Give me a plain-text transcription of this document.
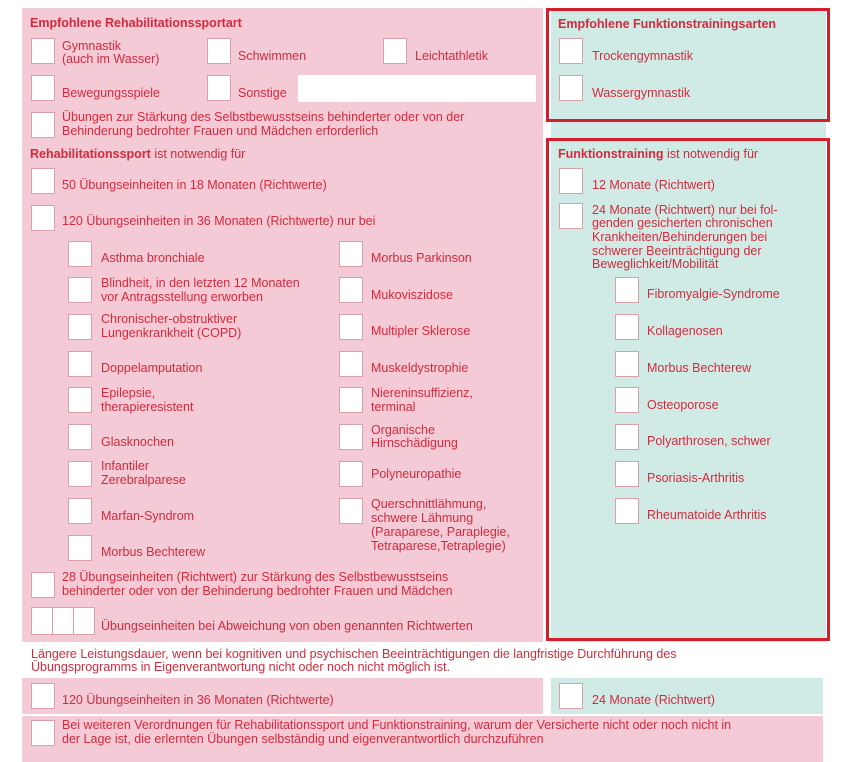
Empfohlene Rehabilitationssportart
Gymnastik
(auch im Wasser)	Schwimmen	Leichtathletik
Bewegungsspiele	Sonstige
Übungen zur Stärkung des Selbstbewusstseins behinderter oder von der
Behinderung bedrohter Frauen und Mädchen erforderlich
Empfohlene Funktionstrainingsarten
Trockengymnastik
Wassergymnastik
Rehabilitationssport ist notwendig für
50 Übungseinheiten in 18 Monaten (Richtwerte)
120 Übungseinheiten in 36 Monaten (Richtwerte) nur bei
Asthma bronchiale
Blindheit, in den letzten 12 Monaten
vor Antragsstellung erworben
Chronischer-obstruktiver
Lungenkrankheit (COPD)
Doppelamputation
Epilepsie,
therapieresistent
Glasknochen
Infantiler
Zerebralparese
Marfan-Syndrom
Morbus Bechterew
Morbus Parkinson
Mukoviszidose
Multipler Sklerose
Muskeldystrophie
Niereninsuffizienz,
terminal
Organische
Hirnschädigung
Polyneuropathie
Querschnittlähmung,
schwere Lähmung
(Paraparese, Paraplegie,
Tetraparese,Tetraplegie)
28 Übungseinheiten (Richtwert) zur Stärkung des Selbstbewusstseins
behinderter oder von der Behinderung bedrohter Frauen und Mädchen
Übungseinheiten bei Abweichung von oben genannten Richtwerten
Funktionstraining ist notwendig für
12 Monate (Richtwert)
24 Monate (Richtwert) nur bei fol-
genden gesicherten chronischen
Krankheiten/Behinderungen bei
schwerer Beeinträchtigung der
Beweglichkeit/Mobilität
Fibromyalgie-Syndrome
Kollagenosen
Morbus Bechterew
Osteoporose
Polyarthrosen, schwer
Psoriasis-Arthritis
Rheumatoide Arthritis
Längere Leistungsdauer, wenn bei kognitiven und psychischen Beeinträchtigungen die langfristige Durchführung des
Übungsprogramms in Eigenverantwortung nicht oder noch nicht möglich ist.
120 Übungseinheiten in 36 Monaten (Richtwerte)	24 Monate (Richtwert)
Bei weiteren Verordnungen für Rehabilitationssport und Funktionstraining, warum der Versicherte nicht oder noch nicht in
der Lage ist, die erlernten Übungen selbständig und eigenverantwortlich durchzuführen
